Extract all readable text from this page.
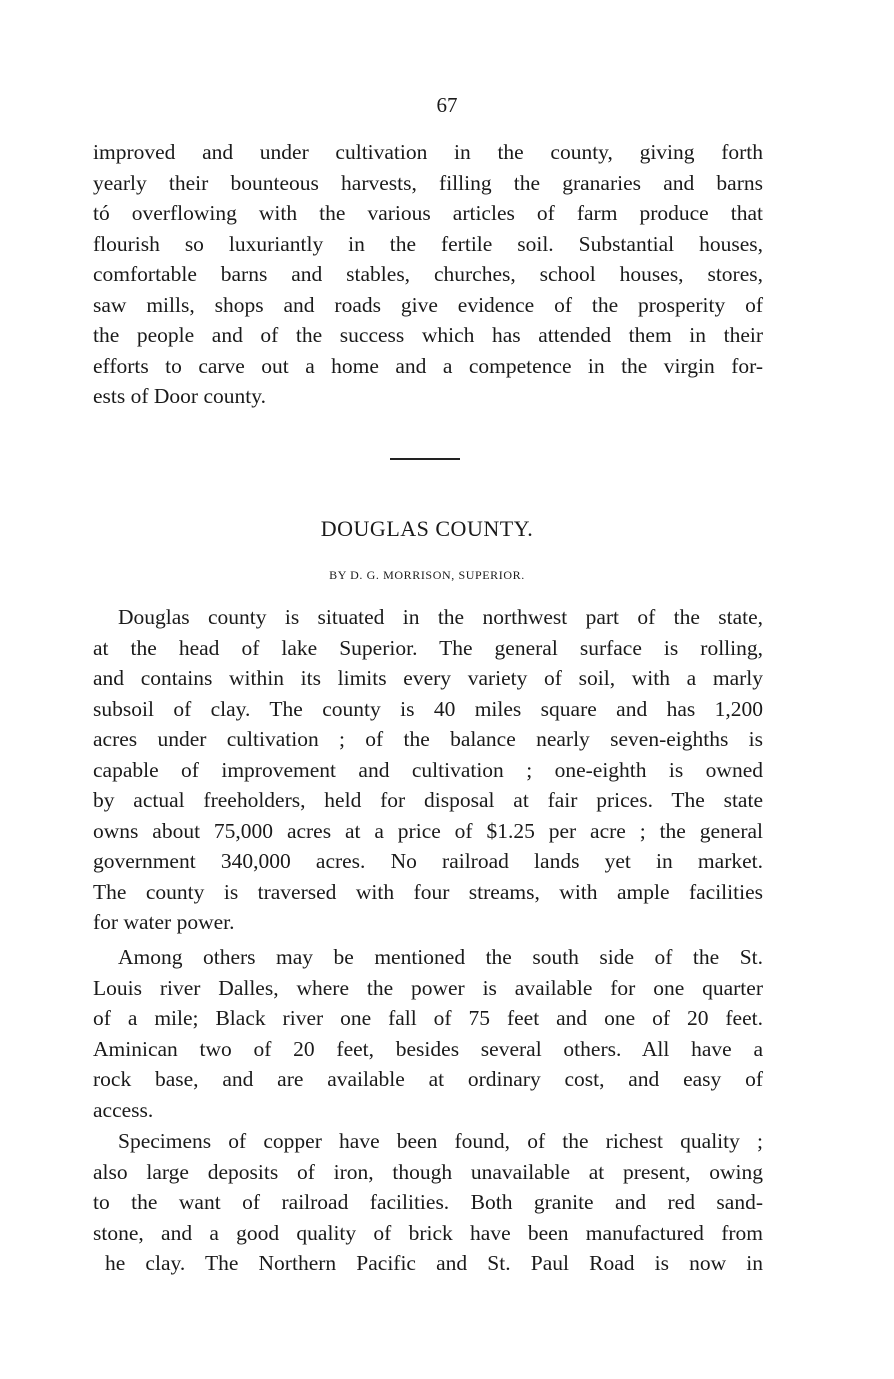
67

improved and under cultivation in the county, giving forth
yearly their bounteous harvests, filling the granaries and barns
tó overflowing with the various articles of farm produce that
flourish so luxuriantly in the fertile soil. Substantial houses,
comfortable barns and stables, churches, school houses, stores,
saw mills, shops and roads give evidence of the prosperity of
the people and of the success which has attended them in their
efforts to carve out a home and a competence in the virgin for-
ests of Door county.

DOUGLAS COUNTY.
BY D. G. MORRISON, SUPERIOR.

Douglas county is situated in the northwest part of the state,
at the head of lake Superior. The general surface is rolling,
and contains within its limits every variety of soil, with a marly
subsoil of clay. The county is 40 miles square and has 1,200
acres under cultivation ; of the balance nearly seven-eighths is
capable of improvement and cultivation ; one-eighth is owned
by actual freeholders, held for disposal at fair prices. The state
owns about 75,000 acres at a price of $1.25 per acre ; the general
government 340,000 acres. No railroad lands yet in market.
The county is traversed with four streams, with ample facilities
for water power.

Among others may be mentioned the south side of the St.
Louis river Dalles, where the power is available for one quarter
of a mile; Black river one fall of 75 feet and one of 20 feet.
Aminican two of 20 feet, besides several others. All have a
rock base, and are available at ordinary cost, and easy of
access.

Specimens of copper have been found, of the richest quality ;
also large deposits of iron, though unavailable at present, owing
to the want of railroad facilities. Both granite and red sand-
stone, and a good quality of brick have been manufactured from
he clay. The Northern Pacific and St. Paul Road is now in
